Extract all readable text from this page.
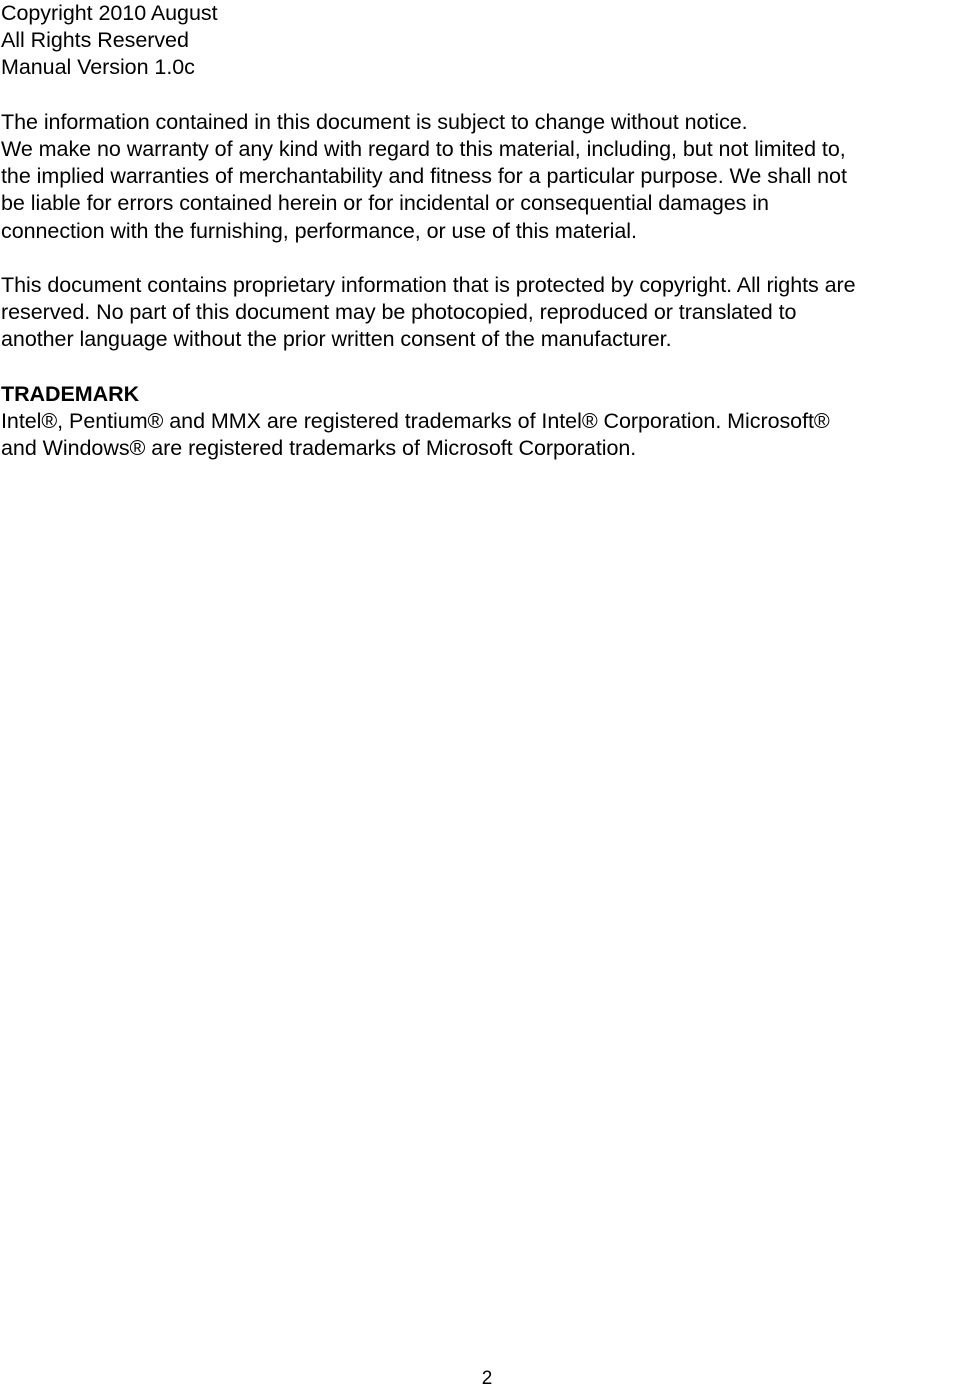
Copyright 2010 August
All Rights Reserved
Manual Version 1.0c
The information contained in this document is subject to change without notice.
We make no warranty of any kind with regard to this material, including, but not limited to,
the implied warranties of merchantability and fitness for a particular purpose. We shall not
be liable for errors contained herein or for incidental or consequential damages in
connection with the furnishing, performance, or use of this material.
This document contains proprietary information that is protected by copyright. All rights are
reserved. No part of this document may be photocopied, reproduced or translated to
another language without the prior written consent of the manufacturer.
TRADEMARK
Intel®, Pentium® and MMX are registered trademarks of Intel® Corporation. Microsoft®
and Windows® are registered trademarks of Microsoft Corporation.
2
